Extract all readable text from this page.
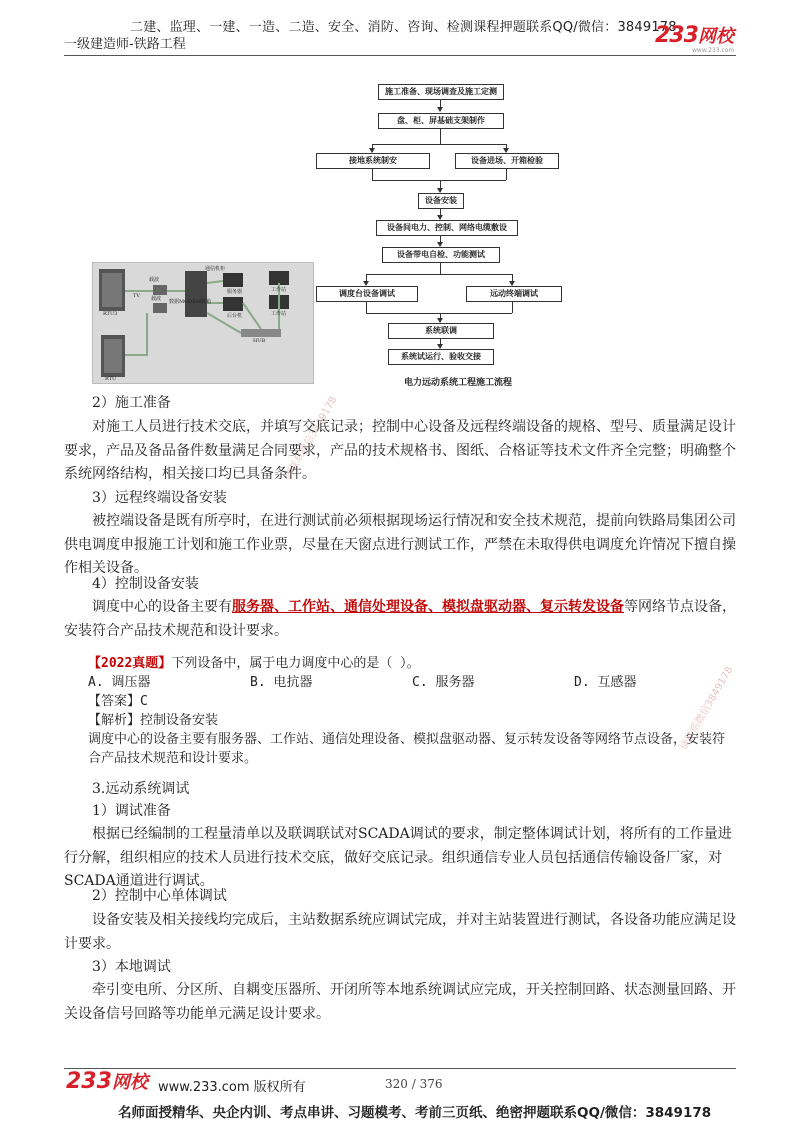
二建、监理、一建、一造、二造、安全、消防、咨询、检测课程押题联系QQ/微信：3849178
一级建造师-铁路工程	233网校
www.233.com
RTU3
RTU
载波
载波 数据MODEM机箱
TV
通信机柜
服务器
后台机
工作站
工作站
HUB
施工准备、现场调查及施工定测
盘、柜、屏基础支架制作
接地系统制安	设备进场、开箱检验
设备安装
设备间电力、控制、网络电缆敷设
设备带电自检、功能测试
调度台设备调试	远动终端调试
系统联调
系统试运行、验收交接
电力远动系统工程施工流程
请联系微信3849178
请联系微信3849178
2）施工准备
对施工人员进行技术交底，并填写交底记录；控制中心设备及远程终端设备的规格、型号、质量满足设计要求，产品及备品备件数量满足合同要求，产品的技术规格书、图纸、合格证等技术文件齐全完整；明确整个系统网络结构，相关接口均已具备条件。
3）远程终端设备安装
被控端设备是既有所亭时，在进行测试前必须根据现场运行情况和安全技术规范，提前向铁路局集团公司供电调度申报施工计划和施工作业票，尽量在天窗点进行测试工作，严禁在未取得供电调度允许情况下擅自操作相关设备。
4）控制设备安装
调度中心的设备主要有服务器、工作站、通信处理设备、模拟盘驱动器、复示转发设备等网络节点设备，安装符合产品技术规范和设计要求。
【2022真题】下列设备中，属于电力调度中心的是（ ）。
A. 调压器	B. 电抗器	C. 服务器	D. 互感器
【答案】C
【解析】控制设备安装
调度中心的设备主要有服务器、工作站、通信处理设备、模拟盘驱动器、复示转发设备等网络节点设备，安装符合产品技术规范和设计要求。
3.远动系统调试
1）调试准备
根据已经编制的工程量清单以及联调联试对SCADA调试的要求，制定整体调试计划，将所有的工作量进行分解，组织相应的技术人员进行技术交底，做好交底记录。组织通信专业人员包括通信传输设备厂家，对 SCADA通道进行调试。
2）控制中心单体调试
设备安装及相关接线均完成后，主站数据系统应调试完成，并对主站装置进行测试，各设备功能应满足设计要求。
3）本地调试
牵引变电所、分区所、自耦变压器所、开闭所等本地系统调试应完成，开关控制回路、状态测量回路、开关设备信号回路等功能单元满足设计要求。
233网校 www.233.com 版权所有	320 / 376
名师面授精华、央企内训、考点串讲、习题模考、考前三页纸、绝密押题联系QQ/微信：3849178
